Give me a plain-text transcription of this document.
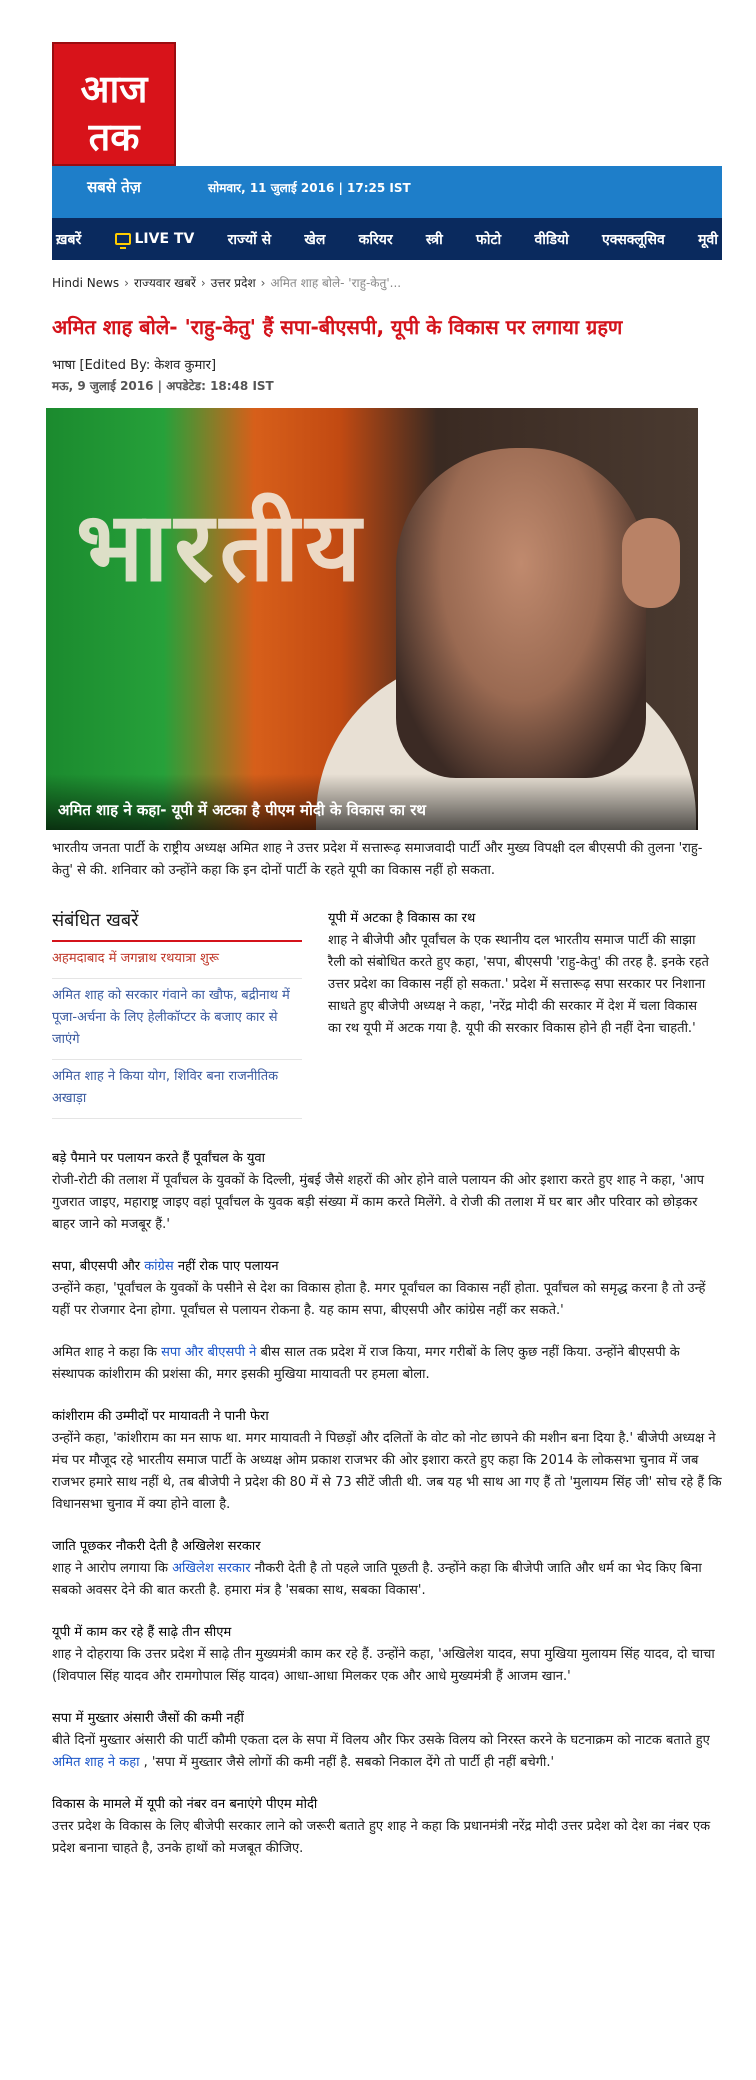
आज
तक
सबसे तेज़	सोमवार, 11 जुलाई 2016 | 17:25 IST
ख़बरें	LIVE TV राज्यों से खेल करियर स्त्री फोटो वीडियो एक्सक्लूसिव मूवी
Hindi News › राज्यवार खबरें › उत्तर प्रदेश › अमित शाह बोले- 'राहु-केतु'...
अमित शाह बोले- 'राहु-केतु' हैं सपा-बीएसपी, यूपी के विकास पर लगाया ग्रहण
भाषा [Edited By: केशव कुमार]
मऊ, 9 जुलाई 2016 | अपडेटेड: 18:48 IST
भारतीय
अमित शाह ने कहा- यूपी में अटका है पीएम मोदी के विकास का रथ

भारतीय जनता पार्टी के राष्ट्रीय अध्यक्ष अमित शाह ने उत्तर प्रदेश में सत्तारूढ़ समाजवादी पार्टी और मुख्य विपक्षी दल बीएसपी की तुलना 'राहु-केतु' से की. शनिवार को उन्होंने कहा कि इन दोनों पार्टी के रहते यूपी का विकास नहीं हो सकता.

संबंधित खबरें
अहमदाबाद में जगन्नाथ रथयात्रा शुरू
अमित शाह को सरकार गंवाने का खौफ, बद्रीनाथ में पूजा-अर्चना के लिए हेलीकॉप्टर के बजाए कार से जाएंगे
अमित शाह ने किया योग, शिविर बना राजनीतिक अखाड़ा
यूपी में अटका है विकास का रथ

शाह ने बीजेपी और पूर्वांचल के एक स्थानीय दल भारतीय समाज पार्टी की साझा रैली को संबोधित करते हुए कहा, 'सपा, बीएसपी 'राहु-केतु' की तरह है. इनके रहते उत्तर प्रदेश का विकास नहीं हो सकता.' प्रदेश में सत्तारूढ़ सपा सरकार पर निशाना साधते हुए बीजेपी अध्यक्ष ने कहा, 'नरेंद्र मोदी की सरकार में देश में चला विकास का रथ यूपी में अटक गया है. यूपी की सरकार विकास होने ही नहीं देना चाहती.'

बड़े पैमाने पर पलायन करते हैं पूर्वांचल के युवा

रोजी-रोटी की तलाश में पूर्वांचल के युवकों के दिल्ली, मुंबई जैसे शहरों की ओर होने वाले पलायन की ओर इशारा करते हुए शाह ने कहा, 'आप गुजरात जाइए, महाराष्ट्र जाइए वहां पूर्वांचल के युवक बड़ी संख्या में काम करते मिलेंगे. वे रोजी की तलाश में घर बार और परिवार को छोड़कर बाहर जाने को मजबूर हैं.'

सपा, बीएसपी और कांग्रेस नहीं रोक पाए पलायन

उन्होंने कहा, 'पूर्वांचल के युवकों के पसीने से देश का विकास होता है. मगर पूर्वांचल का विकास नहीं होता. पूर्वांचल को समृद्ध करना है तो उन्हें यहीं पर रोजगार देना होगा. पूर्वांचल से पलायन रोकना है. यह काम सपा, बीएसपी और कांग्रेस नहीं कर सकते.'

अमित शाह ने कहा कि सपा और बीएसपी ने बीस साल तक प्रदेश में राज किया, मगर गरीबों के लिए कुछ नहीं किया. उन्होंने बीएसपी के संस्थापक कांशीराम की प्रशंसा की, मगर इसकी मुखिया मायावती पर हमला बोला.

कांशीराम की उम्मीदों पर मायावती ने पानी फेरा

उन्होंने कहा, 'कांशीराम का मन साफ था. मगर मायावती ने पिछड़ों और दलितों के वोट को नोट छापने की मशीन बना दिया है.' बीजेपी अध्यक्ष ने मंच पर मौजूद रहे भारतीय समाज पार्टी के अध्यक्ष ओम प्रकाश राजभर की ओर इशारा करते हुए कहा कि 2014 के लोकसभा चुनाव में जब राजभर हमारे साथ नहीं थे, तब बीजेपी ने प्रदेश की 80 में से 73 सीटें जीती थी. जब यह भी साथ आ गए हैं तो 'मुलायम सिंह जी' सोच रहे हैं कि विधानसभा चुनाव में क्या होने वाला है.

जाति पूछकर नौकरी देती है अखिलेश सरकार

शाह ने आरोप लगाया कि अखिलेश सरकार नौकरी देती है तो पहले जाति पूछती है. उन्होंने कहा कि बीजेपी जाति और धर्म का भेद किए बिना सबको अवसर देने की बात करती है. हमारा मंत्र है 'सबका साथ, सबका विकास'.

यूपी में काम कर रहे हैं साढ़े तीन सीएम

शाह ने दोहराया कि उत्तर प्रदेश में साढ़े तीन मुख्यमंत्री काम कर रहे हैं. उन्होंने कहा, 'अखिलेश यादव, सपा मुखिया मुलायम सिंह यादव, दो चाचा (शिवपाल सिंह यादव और रामगोपाल सिंह यादव) आधा-आधा मिलकर एक और आधे मुख्यमंत्री हैं आजम खान.'

सपा में मुख्तार अंसारी जैसों की कमी नहीं

बीते दिनों मुख्तार अंसारी की पार्टी कौमी एकता दल के सपा में विलय और फिर उसके विलय को निरस्त करने के घटनाक्रम को नाटक बताते हुए अमित शाह ने कहा , 'सपा में मुख्तार जैसे लोगों की कमी नहीं है. सबको निकाल देंगे तो पार्टी ही नहीं बचेगी.'

विकास के मामले में यूपी को नंबर वन बनाएंगे पीएम मोदी

उत्तर प्रदेश के विकास के लिए बीजेपी सरकार लाने को जरूरी बताते हुए शाह ने कहा कि प्रधानमंत्री नरेंद्र मोदी उत्तर प्रदेश को देश का नंबर एक प्रदेश बनाना चाहते है, उनके हाथों को मजबूत कीजिए.
